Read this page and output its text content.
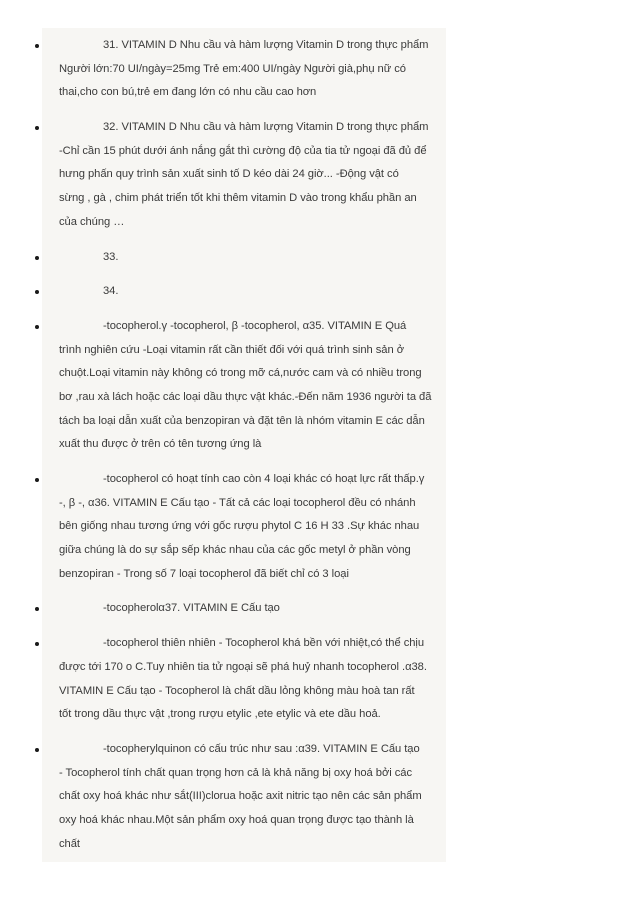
31. VITAMIN D Nhu cầu và hàm lượng Vitamin D trong thực phẩm
Người lớn:70 UI/ngày=25mg Trẻ em:400 UI/ngày Người già,phụ nữ có
thai,cho con bú,trẻ em đang lớn có nhu cầu cao hơn
32. VITAMIN D Nhu cầu và hàm lượng Vitamin D trong thực phẩm
-Chỉ cần 15 phút dưới ánh nắng gắt thì cường độ của tia tử ngoại đã đủ để
hưng phấn quy trình sản xuất sinh tố D kéo dài 24 giờ... -Động vật có
sừng , gà , chim phát triển tốt khi thêm vitamin D vào trong khẩu phần an
của chúng …
33.
34.
-tocopherol.γ -tocopherol, β -tocopherol, α35. VITAMIN E Quá
trình nghiên cứu -Loại vitamin rất cần thiết đối với quá trình sinh sản ở
chuột.Loại vitamin này không có trong mỡ cá,nước cam và có nhiều trong
bơ ,rau xà lách hoặc các loại dầu thực vật khác.-Đến năm 1936 người ta đã
tách ba loại dẫn xuất của benzopiran và đặt tên là nhóm vitamin E các dẫn
xuất thu được ở trên có tên tương ứng là
-tocopherol có hoạt tính cao còn 4 loại khác có hoạt lực rất thấp.γ
-, β -, α36. VITAMIN E Cấu tạo - Tất cả các loại tocopherol đều có nhánh
bên giống nhau tương ứng với gốc rượu phytol C 16 H 33 .Sự khác nhau
giữa chúng là do sự sắp sếp khác nhau của các gốc metyl ở phần vòng
benzopiran - Trong số 7 loại tocopherol đã biết chỉ có 3 loại
-tocopherolα37. VITAMIN E Cấu tạo
-tocopherol thiên nhiên - Tocopherol khá bền với nhiệt,có thể chịu
được tới 170 o C.Tuy nhiên tia tử ngoại sẽ phá huỷ nhanh tocopherol .α38.
VITAMIN E Cấu tạo - Tocopherol là chất dầu lỏng không màu hoà tan rất
tốt trong dầu thực vật ,trong rượu etylic ,ete etylic và ete dầu hoả.
-tocopherylquinon có cấu trúc như sau :α39. VITAMIN E Cấu tạo
- Tocopherol tính chất quan trọng hơn cả là khả năng bị oxy hoá bởi các
chất oxy hoá khác như sắt(III)clorua hoặc axit nitric tạo nên các sản phẩm
oxy hoá khác nhau.Một sản phẩm oxy hoá quan trọng được tạo thành là
chất
